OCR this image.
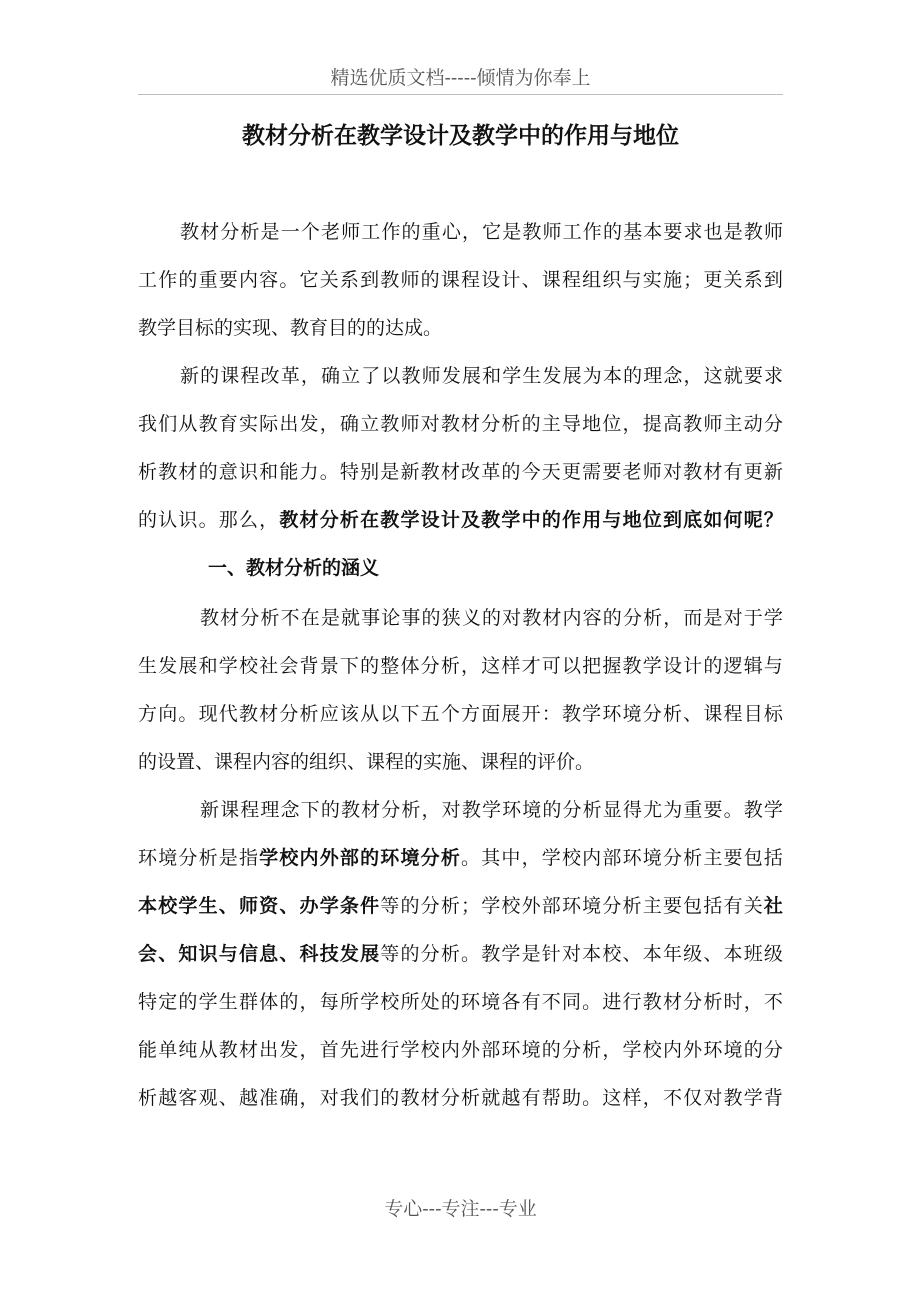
精选优质文档-----倾情为你奉上
教材分析在教学设计及教学中的作用与地位
教材分析是一个老师工作的重心，它是教师工作的基本要求也是教师
工作的重要内容。它关系到教师的课程设计、课程组织与实施；更关系到
教学目标的实现、教育目的的达成。
新的课程改革，确立了以教师发展和学生发展为本的理念，这就要求
我们从教育实际出发，确立教师对教材分析的主导地位，提高教师主动分
析教材的意识和能力。特别是新教材改革的今天更需要老师对教材有更新
的认识。那么，教材分析在教学设计及教学中的作用与地位到底如何呢？
一、教材分析的涵义
教材分析不在是就事论事的狭义的对教材内容的分析，而是对于学
生发展和学校社会背景下的整体分析，这样才可以把握教学设计的逻辑与
方向。现代教材分析应该从以下五个方面展开：教学环境分析、课程目标
的设置、课程内容的组织、课程的实施、课程的评价。
新课程理念下的教材分析，对教学环境的分析显得尤为重要。教学
环境分析是指学校内外部的环境分析。其中，学校内部环境分析主要包括
本校学生、师资、办学条件等的分析；学校外部环境分析主要包括有关社
会、知识与信息、科技发展等的分析。教学是针对本校、本年级、本班级
特定的学生群体的，每所学校所处的环境各有不同。进行教材分析时，不
能单纯从教材出发，首先进行学校内外部环境的分析，学校内外环境的分
析越客观、越准确，对我们的教材分析就越有帮助。这样，不仅对教学背
专心---专注---专业
